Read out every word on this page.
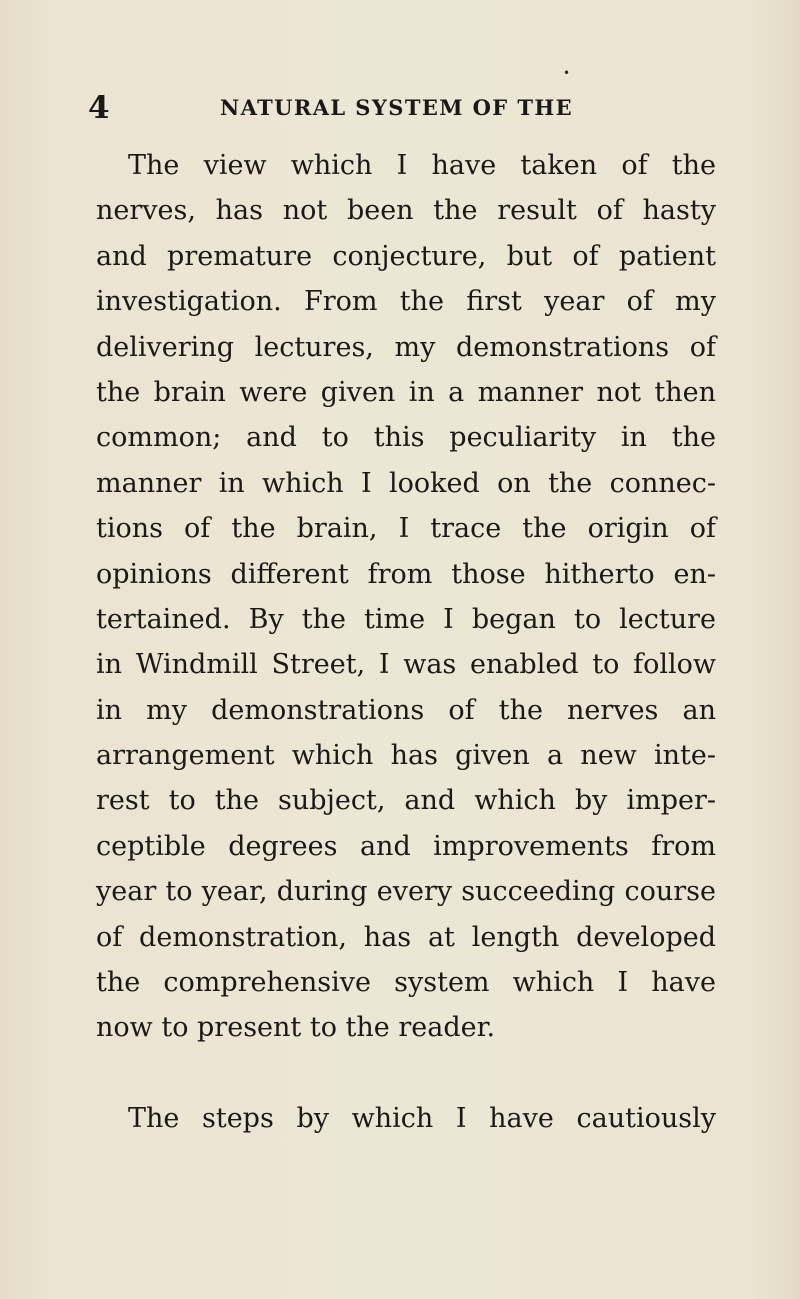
•
4	NATURAL SYSTEM OF THE
The view which I have taken of the
nerves, has not been the result of hasty
and premature conjecture, but of patient
investigation. From the first year of my
delivering lectures, my demonstrations of
the brain were given in a manner not then
common; and to this peculiarity in the
manner in which I looked on the connec-
tions of the brain, I trace the origin of
opinions different from those hitherto en-
tertained. By the time I began to lecture
in Windmill Street, I was enabled to follow
in my demonstrations of the nerves an
arrangement which has given a new inte-
rest to the subject, and which by imper-
ceptible degrees and improvements from
year to year, during every succeeding course
of demonstration, has at length developed
the comprehensive system which I have
now to present to the reader.
The steps by which I have cautiously
